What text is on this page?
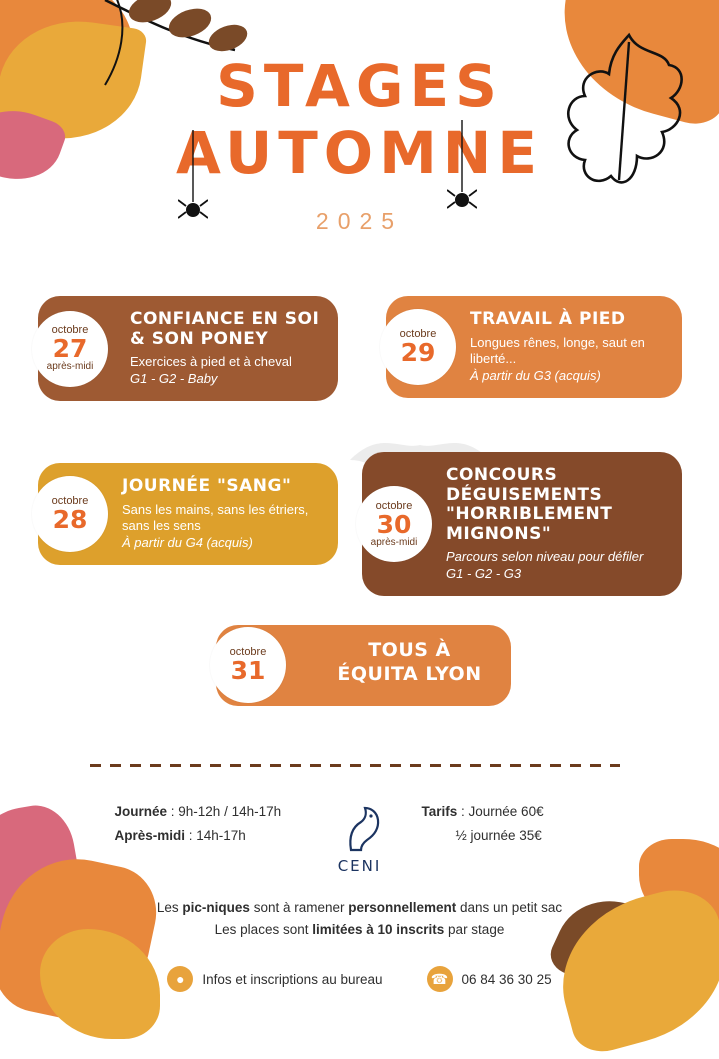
STAGES
AUTOMNE
2025
octobre
27
après-midi
CONFIANCE EN SOI & SON PONEY

Exercices à pied et à cheval

G1 - G2 - Baby

octobre
29
TRAVAIL À PIED

Longues rênes, longe, saut en liberté...

À partir du G3 (acquis)

octobre
28
JOURNÉE "SANG"

Sans les mains, sans les étriers, sans les sens

À partir du G4 (acquis)

octobre
30
après-midi
CONCOURS DÉGUISEMENTS "HORRIBLEMENT MIGNONS"

Parcours selon niveau pour défiler

G1 - G2 - G3

octobre
31
TOUS À ÉQUITA LYON
Journée : 9h-12h / 14h-17h
Après-midi : 14h-17h
CENI
Tarifs : Journée 60€
½ journée 35€
Les pic-niques sont à ramener personnellement dans un petit sac
Les places sont limitées à 10 inscrits par stage
●	Infos et inscriptions au bureau	☎ 06 84 36 30 25
